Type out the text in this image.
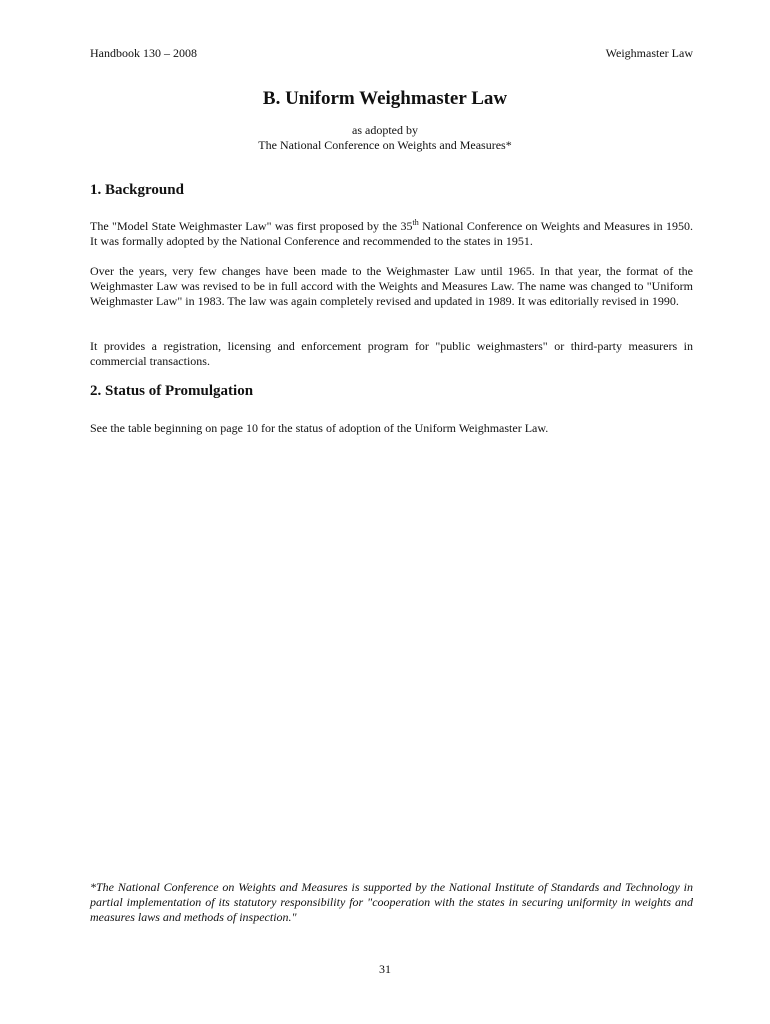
Handbook 130 – 2008	Weighmaster Law
B. Uniform Weighmaster Law
as adopted by
The National Conference on Weights and Measures*
1. Background

The "Model State Weighmaster Law" was first proposed by the 35th National Conference on Weights and Measures in 1950. It was formally adopted by the National Conference and recommended to the states in 1951.

Over the years, very few changes have been made to the Weighmaster Law until 1965. In that year, the format of the Weighmaster Law was revised to be in full accord with the Weights and Measures Law. The name was changed to "Uniform Weighmaster Law" in 1983. The law was again completely revised and updated in 1989. It was editorially revised in 1990.

It provides a registration, licensing and enforcement program for "public weighmasters" or third-party measurers in commercial transactions.

2. Status of Promulgation

See the table beginning on page 10 for the status of adoption of the Uniform Weighmaster Law.

*The National Conference on Weights and Measures is supported by the National Institute of Standards and Technology in partial implementation of its statutory responsibility for "cooperation with the states in securing uniformity in weights and measures laws and methods of inspection."
31
